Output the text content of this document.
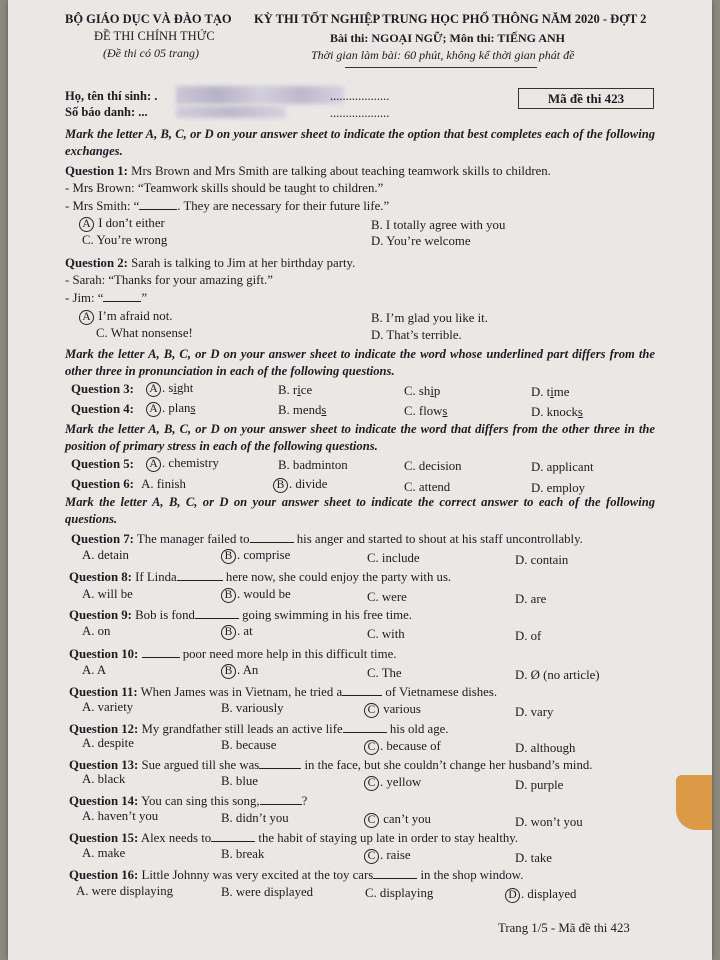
BỘ GIÁO DỤC VÀ ĐÀO TẠO KỲ THI TỐT NGHIỆP TRUNG HỌC PHỔ THÔNG NĂM 2020 - ĐỢT 2
ĐỀ THI CHÍNH THỨC	Bài thi: NGOẠI NGỮ; Môn thi: TIẾNG ANH
(Đề thi có 05 trang)	Thời gian làm bài: 60 phút, không kể thời gian phát đề
Họ, tên thí sinh: .	...................
Số báo danh: ...	...................
Mã đề thi 423
Mark the letter A, B, C, or D on your answer sheet to indicate the option that best completes each of the following exchanges.
Question 1: Mrs Brown and Mrs Smith are talking about teaching teamwork skills to children.
- Mrs Brown: “Teamwork skills should be taught to children.”
- Mrs Smith: “	. They are necessary for their future life.”
A I don’t either	B. I totally agree with you
C. You’re wrong	D. You’re welcome
Question 2: Sarah is talking to Jim at her birthday party.
- Sarah: “Thanks for your amazing gift.”
- Jim: “	”
A I’m afraid not.	B. I’m glad you like it.
C. What nonsense!	D. That’s terrible.
Mark the letter A, B, C, or D on your answer sheet to indicate the word whose underlined part differs from the other three in pronunciation in each of the following questions.
Question 3: A . sight	B. rice	C. ship	D. time
Question 4: A . plans	B. mends	C. flows	D. knocks
Mark the letter A, B, C, or D on your answer sheet to indicate the word that differs from the other three in the position of primary stress in each of the following questions.
Question 5: A . chemistry	B. badminton	C. decision	D. applicant
Question 6: A. finish	B . divide	C. attend	D. employ
Mark the letter A, B, C, or D on your answer sheet to indicate the correct answer to each of the following questions.
Question 7: The manager failed to	his anger and started to shout at his staff uncontrollably.
A. detain	B . comprise	C. include	D. contain
Question 8: If Linda	here now, she could enjoy the party with us.
A. will be	B . would be	C. were	D. are
Question 9: Bob is fond	going swimming in his free time.
A. on	B . at	C. with	D. of
Question 10:	poor need more help in this difficult time.
A. A	B . An	C. The	D. Ø (no article)
Question 11: When James was in Vietnam, he tried a	of Vietnamese dishes.
A. variety	B. variously	C various	D. vary
Question 12: My grandfather still leads an active life	his old age.
A. despite	B. because	C . because of	D. although
Question 13: Sue argued till she was	in the face, but she couldn’t change her husband’s mind.
A. black	B. blue	C . yellow	D. purple
Question 14: You can sing this song,	?
A. haven’t you	B. didn’t you	C can’t you	D. won’t you
Question 15: Alex needs to	the habit of staying up late in order to stay healthy.
A. make	B. break	C . raise	D. take
Question 16: Little Johnny was very excited at the toy cars	in the shop window.
A. were displaying	B. were displayed	C. displaying	D . displayed
Trang 1/5 - Mã đề thi 423
